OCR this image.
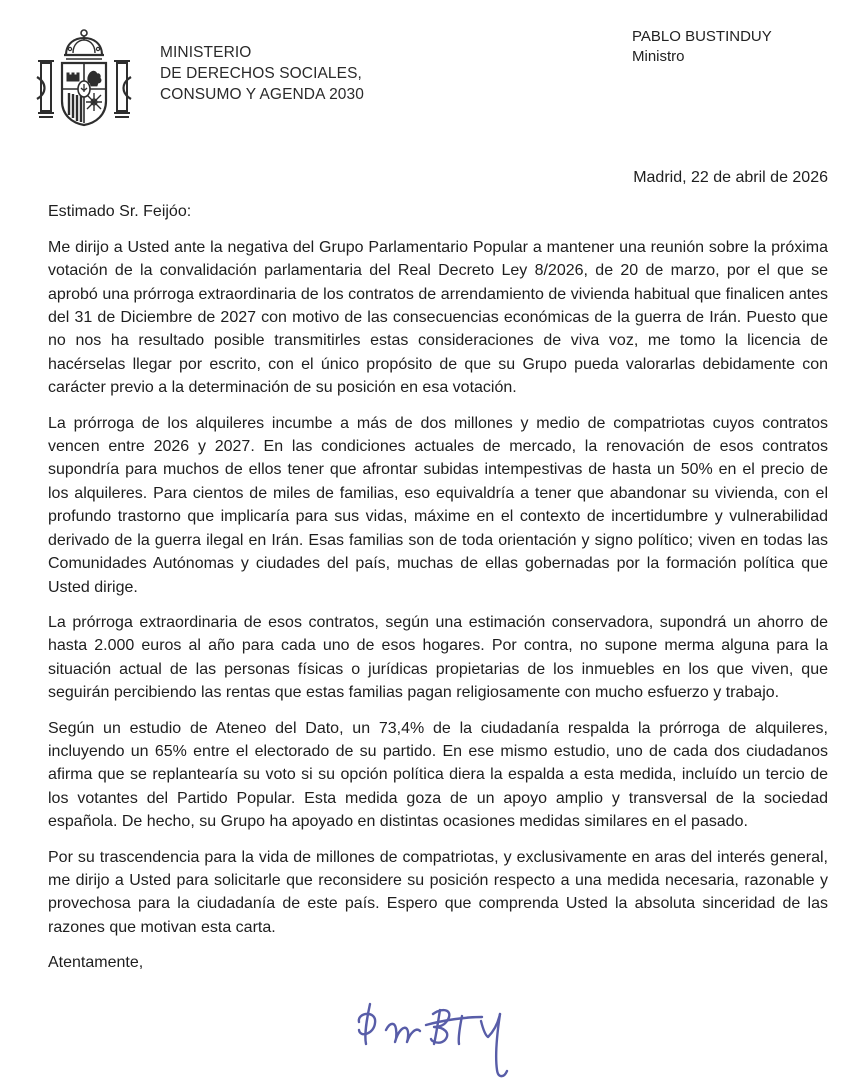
MINISTERIO
DE DERECHOS SOCIALES,
CONSUMO Y AGENDA 2030
PABLO BUSTINDUY
Ministro

Madrid, 22 de abril de 2026

Estimado Sr. Feijóo:

Me dirijo a Usted ante la negativa del Grupo Parlamentario Popular a mantener una reunión sobre la próxima votación de la convalidación parlamentaria del Real Decreto Ley 8/2026, de 20 de marzo, por el que se aprobó una prórroga extraordinaria de los contratos de arrendamiento de vivienda habitual que finalicen antes del 31 de Diciembre de 2027 con motivo de las consecuencias económicas de la guerra de Irán. Puesto que no nos ha resultado posible transmitirles estas consideraciones de viva voz, me tomo la licencia de hacérselas llegar por escrito, con el único propósito de que su Grupo pueda valorarlas debidamente con carácter previo a la determinación de su posición en esa votación.

La prórroga de los alquileres incumbe a más de dos millones y medio de compatriotas cuyos contratos vencen entre 2026 y 2027. En las condiciones actuales de mercado, la renovación de esos contratos supondría para muchos de ellos tener que afrontar subidas intempestivas de hasta un 50% en el precio de los alquileres. Para cientos de miles de familias, eso equivaldría a tener que abandonar su vivienda, con el profundo trastorno que implicaría para sus vidas, máxime en el contexto de incertidumbre y vulnerabilidad derivado de la guerra ilegal en Irán. Esas familias son de toda orientación y signo político; viven en todas las Comunidades Autónomas y ciudades del país, muchas de ellas gobernadas por la formación política que Usted dirige.

La prórroga extraordinaria de esos contratos, según una estimación conservadora, supondrá un ahorro de hasta 2.000 euros al año para cada uno de esos hogares. Por contra, no supone merma alguna para la situación actual de las personas físicas o jurídicas propietarias de los inmuebles en los que viven, que seguirán percibiendo las rentas que estas familias pagan religiosamente con mucho esfuerzo y trabajo.

Según un estudio de Ateneo del Dato, un 73,4% de la ciudadanía respalda la prórroga de alquileres, incluyendo un 65% entre el electorado de su partido. En ese mismo estudio, uno de cada dos ciudadanos afirma que se replantearía su voto si su opción política diera la espalda a esta medida, incluído un tercio de los votantes del Partido Popular. Esta medida goza de un apoyo amplio y transversal de la sociedad española. De hecho, su Grupo ha apoyado en distintas ocasiones medidas similares en el pasado.

Por su trascendencia para la vida de millones de compatriotas, y exclusivamente en aras del interés general, me dirijo a Usted para solicitarle que reconsidere su posición respecto a una medida necesaria, razonable y provechosa para la ciudadanía de este país. Espero que comprenda Usted la absoluta sinceridad de las razones que motivan esta carta.

Atentamente,
